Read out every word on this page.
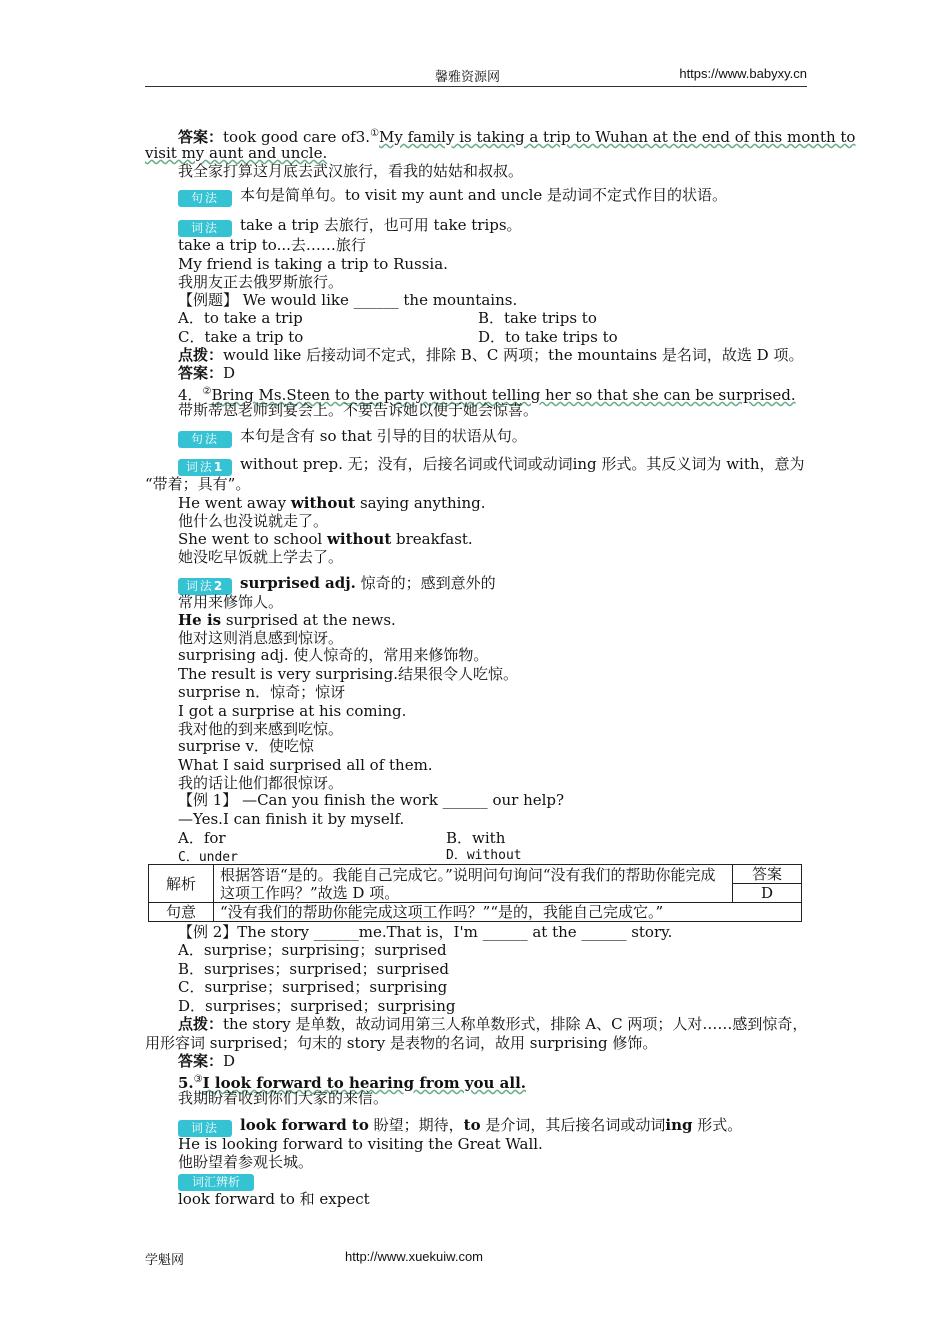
馨雅资源网	https://www.babyxy.cn
答案：took good care of3.①My family is taking a trip to Wuhan at the end of this month to
visit my aunt and uncle.
我全家打算这月底去武汉旅行，看我的姑姑和叔叔。
句法 本句是简单句。to visit my aunt and uncle 是动词不定式作目的状语。
词法 take a trip 去旅行，也可用 take trips。
take a trip to...去……旅行
My friend is taking a trip to Russia.
我朋友正去俄罗斯旅行。
【例题】 We would like ______ the mountains.
A．to take a trip	B．take trips to
C．take a trip to	D．to take trips to
点拨：would like 后接动词不定式，排除 B、C 两项；the mountains 是名词，故选 D 项。
答案：D
4．②Bring Ms.Steen to the party without telling her so that she can be surprised.
带斯蒂恩老师到宴会上。不要告诉她以便于她会惊喜。
句法 本句是含有 so that 引导的目的状语从句。
词法1 without prep. 无；没有，后接名词或代词或动词ing 形式。其反义词为 with，意为
“带着；具有”。
He went away without saying anything.
他什么也没说就走了。
She went to school without breakfast.
她没吃早饭就上学去了。
词法2 surprised adj. 惊奇的；感到意外的
常用来修饰人。
He is surprised at the news.
他对这则消息感到惊讶。
surprising adj. 使人惊奇的，常用来修饰物。
The result is very surprising.结果很令人吃惊。
surprise n．惊奇；惊讶
I got a surprise at his coming.
我对他的到来感到吃惊。
surprise v．使吃惊
What I said surprised all of them.
我的话让他们都很惊讶。
【例 1】 —Can you finish the work ______ our help?
—Yes.I can finish it by myself.
A．for	B．with
C．under	D．without
解析	根据答语“是的。我能自己完成它。”说明问句询问“没有我们的帮助你能完成这项工作吗？”故选 D 项。	答案
		D
句意	“没有我们的帮助你能完成这项工作吗？”“是的，我能自己完成它。”	
【例 2】The story ______me.That is，I'm ______ at the ______ story.
A．surprise；surprising；surprised
B．surprises；surprised；surprised
C．surprise；surprised；surprising
D．surprises；surprised；surprising
点拨：the story 是单数，故动词用第三人称单数形式，排除 A、C 两项；人对……感到惊奇，
用形容词 surprised；句末的 story 是表物的名词，故用 surprising 修饰。
答案：D
5.③I look forward to hearing from you all.
我期盼着收到你们大家的来信。
词法 look forward to 盼望；期待，to 是介词，其后接名词或动词ing 形式。
He is looking forward to visiting the Great Wall.
他盼望着参观长城。
词汇辨析
look forward to 和 expect
学魁网	http://www.xuekuiw.com
